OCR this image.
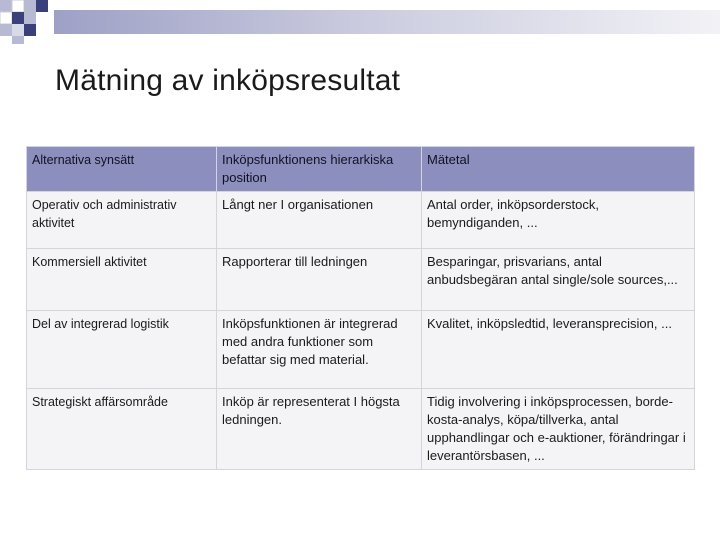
Mätning av inköpsresultat
Alternativa synsätt	Inköpsfunktionens hierarkiska position	Mätetal
Operativ och administrativ aktivitet	Långt ner I organisationen	Antal order, inköpsorderstock, bemyndiganden, ...
Kommersiell aktivitet	Rapporterar till ledningen	Besparingar, prisvarians, antal anbudsbegäran antal single/sole sources,...
Del av integrerad logistik	Inköpsfunktionen är integrerad med andra funktioner som befattar sig med material.	Kvalitet, inköpsledtid, leveransprecision, ...
Strategiskt affärsområde	Inköp är representerat I högsta ledningen.	Tidig involvering i inköpsprocessen, borde-kosta-analys, köpa/tillverka, antal upphandlingar och e-auktioner, förändringar i leverantörsbasen, ...
